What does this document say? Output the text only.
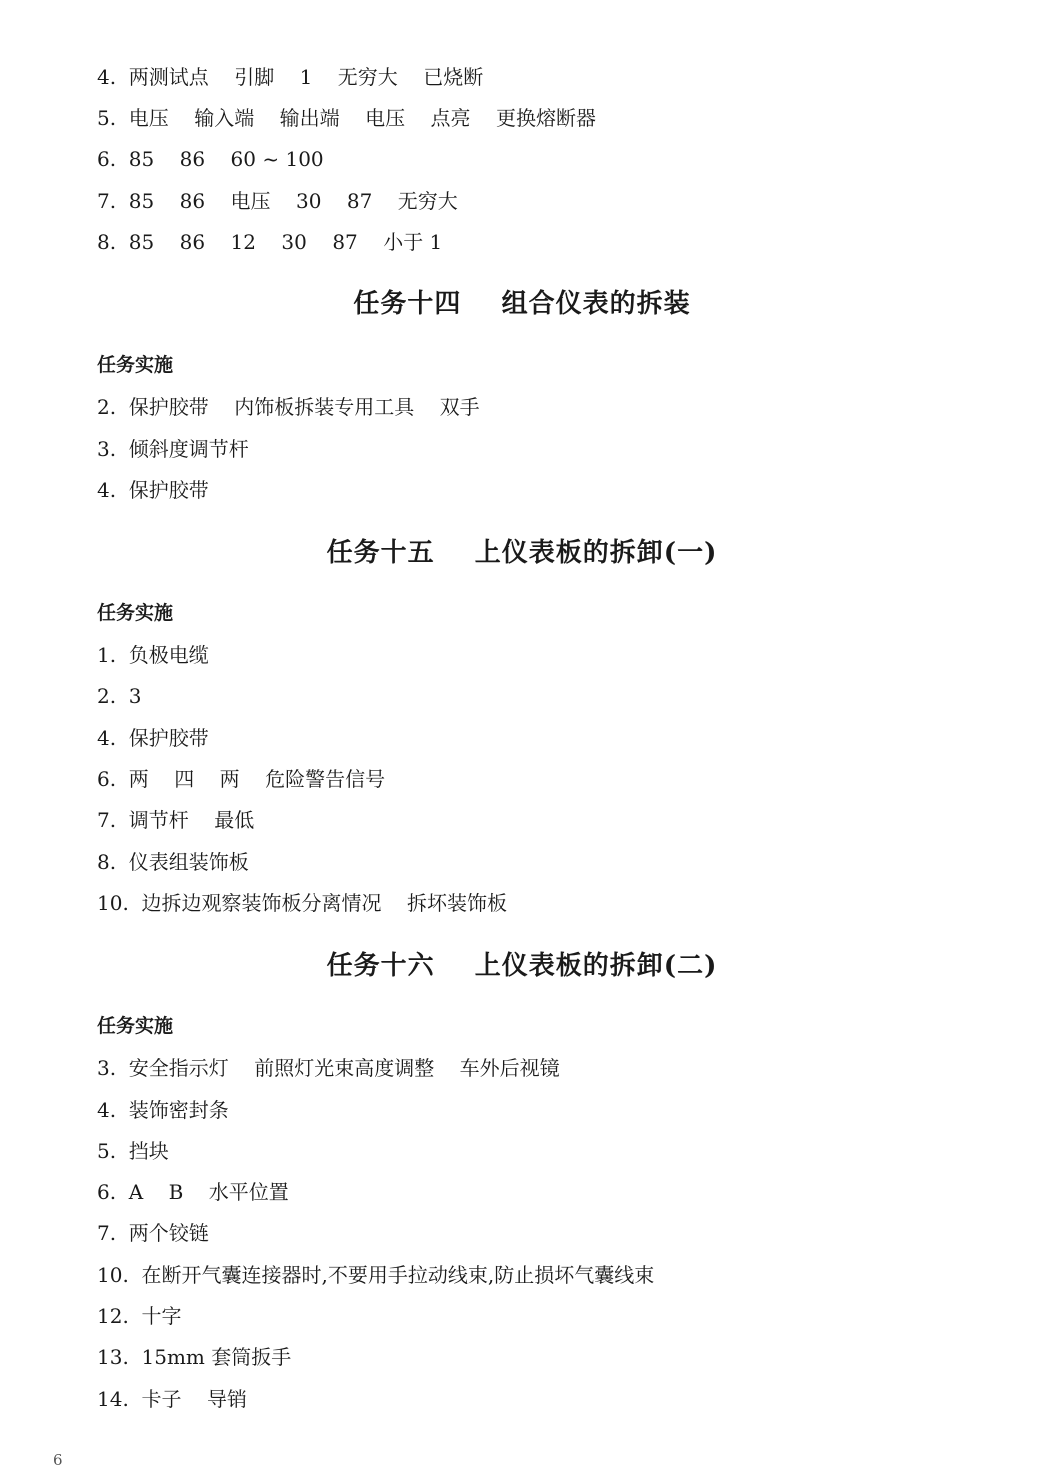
4.  两测试点    引脚    1    无穷大    已烧断
5.  电压    输入端    输出端    电压    点亮    更换熔断器
6.  85    86    60 ~ 100
7.  85    86    电压    30    87    无穷大
8.  85    86    12    30    87    小于 1
任务十四    组合仪表的拆装
任务实施
2.  保护胶带    内饰板拆装专用工具    双手
3.  倾斜度调节杆
4.  保护胶带
任务十五    上仪表板的拆卸(一)
任务实施
1.  负极电缆
2.  3
4.  保护胶带
6.  两    四    两    危险警告信号
7.  调节杆    最低
8.  仪表组装饰板
10.  边拆边观察装饰板分离情况    拆坏装饰板
任务十六    上仪表板的拆卸(二)
任务实施
3.  安全指示灯    前照灯光束高度调整    车外后视镜
4.  装饰密封条
5.  挡块
6.  A    B    水平位置
7.  两个铰链
10.  在断开气囊连接器时,不要用手拉动线束,防止损坏气囊线束
12.  十字
13.  15mm 套筒扳手
14.  卡子    导销
6
